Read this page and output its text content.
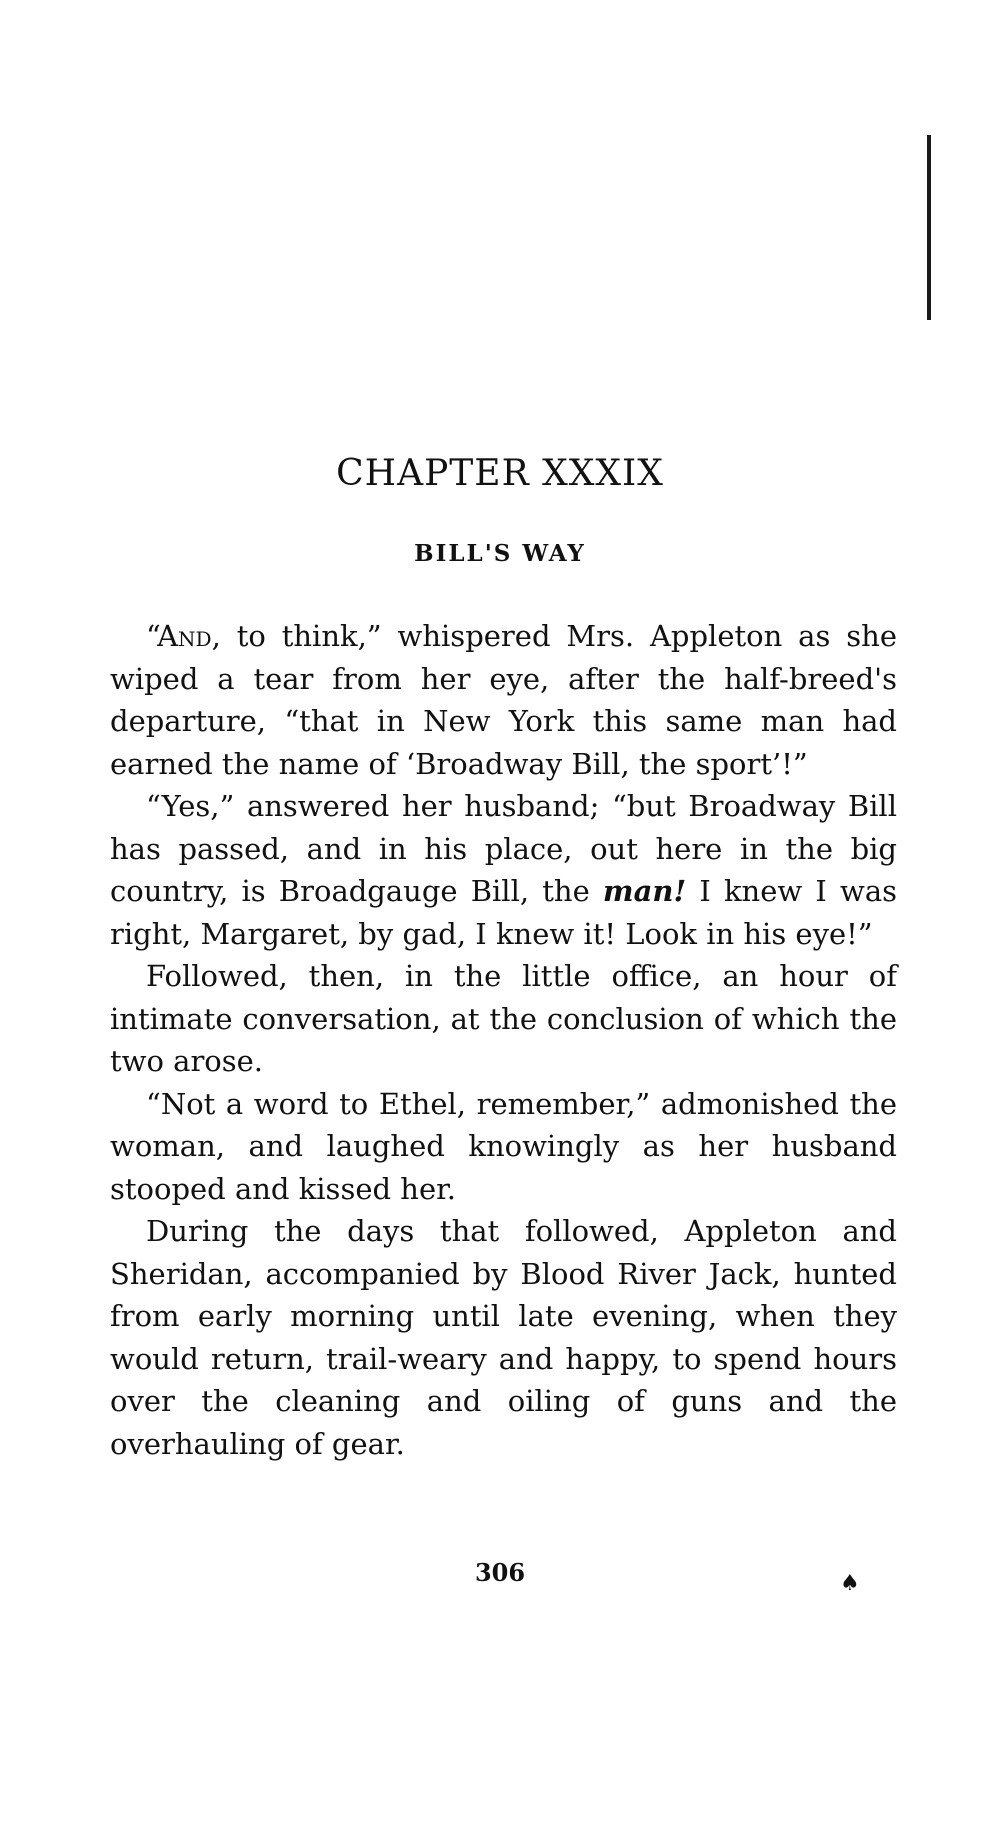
CHAPTER XXXIX
BILL'S WAY

“And, to think,” whispered Mrs. Appleton as she wiped a tear from her eye, after the half-breed's departure, “that in New York this same man had earned the name of ‘Broadway Bill, the sport’!”

“Yes,” answered her husband; “but Broadway Bill has passed, and in his place, out here in the big country, is Broadgauge Bill, the man! I knew I was right, Margaret, by gad, I knew it! Look in his eye!”

Followed, then, in the little office, an hour of intimate conversation, at the conclusion of which the two arose.

“Not a word to Ethel, remember,” admonished the woman, and laughed knowingly as her husband stooped and kissed her.

During the days that followed, Appleton and Sheridan, accompanied by Blood River Jack, hunted from early morning until late evening, when they would return, trail-weary and happy, to spend hours over the cleaning and oiling of guns and the overhauling of gear.

306	♠
